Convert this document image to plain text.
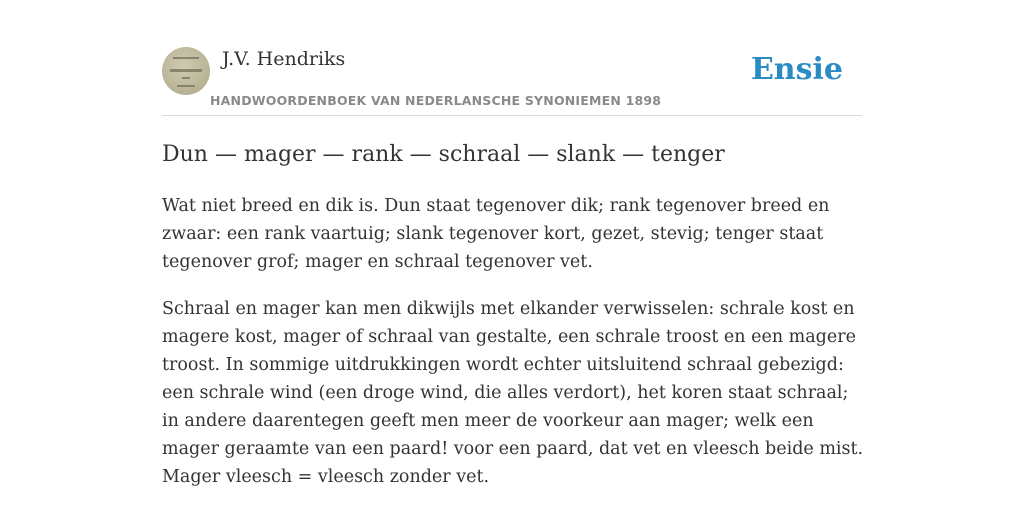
J.V. Hendriks
HANDWOORDENBOEK VAN NEDERLANSCHE SYNONIEMEN 1898
Ensie
Dun — mager — rank — schraal — slank — tenger

Wat niet breed en dik is. Dun staat tegenover dik; rank tegenover breed en zwaar: een rank vaartuig; slank tegenover kort, gezet, stevig; tenger staat tegenover grof; mager en schraal tegenover vet.

Schraal en mager kan men dikwijls met elkander verwisselen: schrale kost en magere kost, mager of schraal van gestalte, een schrale troost en een magere troost. In sommige uitdrukkingen wordt echter uitsluitend schraal gebezigd: een schrale wind (een droge wind, die alles verdort), het koren staat schraal; in andere daarentegen geeft men meer de voorkeur aan mager; welk een mager geraamte van een paard! voor een paard, dat vet en vleesch beide mist. Mager vleesch = vleesch zonder vet.
